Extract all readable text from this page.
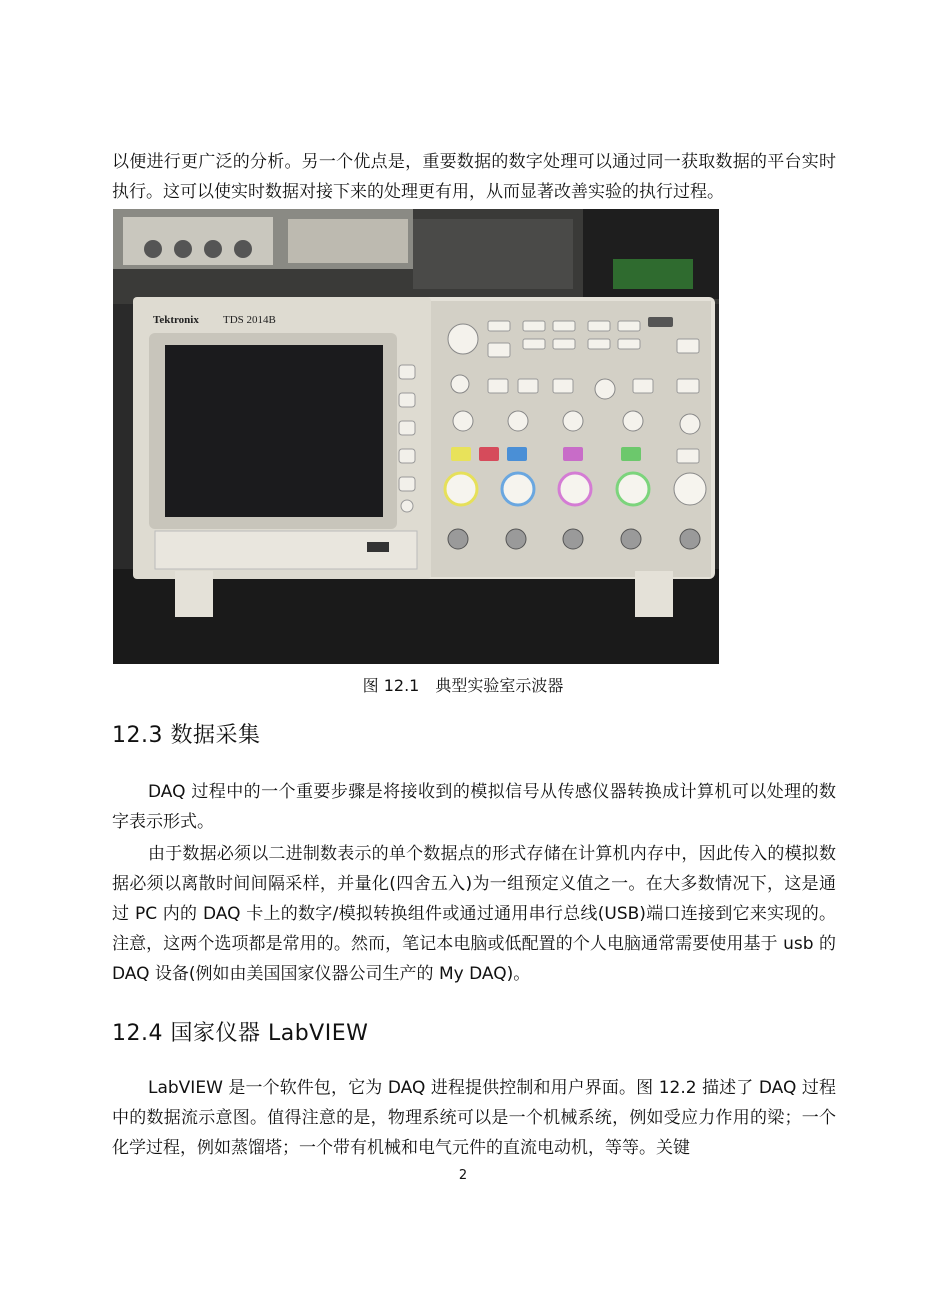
以便进行更广泛的分析。另一个优点是，重要数据的数字处理可以通过同一获取数据的平台实时执行。这可以使实时数据对接下来的处理更有用，从而显著改善实验的执行过程。

Tektronix TDS 2014B
图 12.1　典型实验室示波器
12.3 数据采集

DAQ 过程中的一个重要步骤是将接收到的模拟信号从传感仪器转换成计算机可以处理的数字表示形式。

由于数据必须以二进制数表示的单个数据点的形式存储在计算机内存中，因此传入的模拟数据必须以离散时间间隔采样，并量化(四舍五入)为一组预定义值之一。在大多数情况下，这是通过 PC 内的 DAQ 卡上的数字/模拟转换组件或通过通用串行总线(USB)端口连接到它来实现的。注意，这两个选项都是常用的。然而，笔记本电脑或低配置的个人电脑通常需要使用基于 usb 的 DAQ 设备(例如由美国国家仪器公司生产的 My DAQ)。

12.4 国家仪器 LabVIEW

LabVIEW 是一个软件包，它为 DAQ 进程提供控制和用户界面。图 12.2 描述了 DAQ 过程中的数据流示意图。值得注意的是，物理系统可以是一个机械系统，例如受应力作用的梁；一个化学过程，例如蒸馏塔；一个带有机械和电气元件的直流电动机，等等。关键

2
